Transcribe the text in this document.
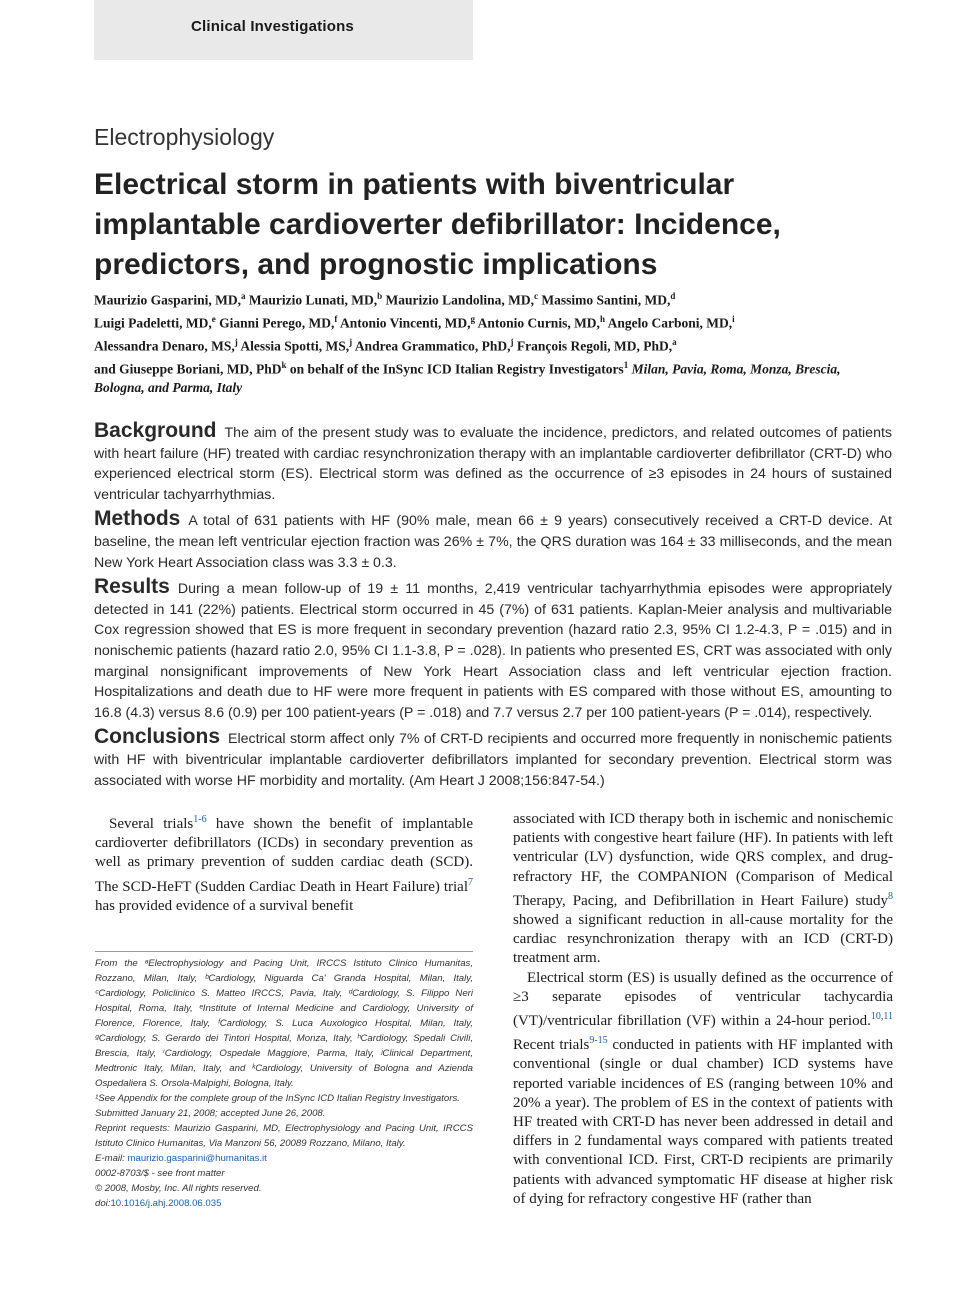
Clinical Investigations
Electrophysiology
Electrical storm in patients with biventricular implantable cardioverter defibrillator: Incidence, predictors, and prognostic implications
Maurizio Gasparini, MD,$^a$ Maurizio Lunati, MD,$^b$ Maurizio Landolina, MD,$^c$ Massimo Santini, MD,$^d$
Luigi Padeletti, MD,$^e$ Gianni Perego, MD,$^f$ Antonio Vincenti, MD,$^g$ Antonio Curnis, MD,$^h$ Angelo Carboni, MD,$^i$
Alessandra Denaro, MS,$^j$ Alessia Spotti, MS,$^j$ Andrea Grammatico, PhD,$^j$ François Regoli, MD, PhD,$^a$
and Giuseppe Boriani, MD, PhD$^k$ on behalf of the InSync ICD Italian Registry Investigators$^1$ Milan, Pavia, Roma, Monza, Brescia, Bologna, and Parma, Italy

Background The aim of the present study was to evaluate the incidence, predictors, and related outcomes of patients with heart failure (HF) treated with cardiac resynchronization therapy with an implantable cardioverter defibrillator (CRT-D) who experienced electrical storm (ES). Electrical storm was defined as the occurrence of ≥3 episodes in 24 hours of sustained ventricular tachyarrhythmias.

Methods A total of 631 patients with HF (90% male, mean 66 ± 9 years) consecutively received a CRT-D device. At baseline, the mean left ventricular ejection fraction was 26% ± 7%, the QRS duration was 164 ± 33 milliseconds, and the mean New York Heart Association class was 3.3 ± 0.3.

Results During a mean follow-up of 19 ± 11 months, 2,419 ventricular tachyarrhythmia episodes were appropriately detected in 141 (22%) patients. Electrical storm occurred in 45 (7%) of 631 patients. Kaplan-Meier analysis and multivariable Cox regression showed that ES is more frequent in secondary prevention (hazard ratio 2.3, 95% CI 1.2-4.3, P = .015) and in nonischemic patients (hazard ratio 2.0, 95% CI 1.1-3.8, P = .028). In patients who presented ES, CRT was associated with only marginal nonsignificant improvements of New York Heart Association class and left ventricular ejection fraction. Hospitalizations and death due to HF were more frequent in patients with ES compared with those without ES, amounting to 16.8 (4.3) versus 8.6 (0.9) per 100 patient-years (P = .018) and 7.7 versus 2.7 per 100 patient-years (P = .014), respectively.

Conclusions Electrical storm affect only 7% of CRT-D recipients and occurred more frequently in nonischemic patients with HF with biventricular implantable cardioverter defibrillators implanted for secondary prevention. Electrical storm was associated with worse HF morbidity and mortality. (Am Heart J 2008;156:847-54.)

Several trials$^{1-6}$ have shown the benefit of implantable cardioverter defibrillators (ICDs) in secondary prevention as well as primary prevention of sudden cardiac death (SCD). The SCD-HeFT (Sudden Cardiac Death in Heart Failure) trial$^7$ has provided evidence of a survival benefit

From the ᵃElectrophysiology and Pacing Unit, IRCCS Istituto Clinico Humanitas, Rozzano, Milan, Italy, ᵇCardiology, Niguarda Ca' Granda Hospital, Milan, Italy, ᶜCardiology, Policlinico S. Matteo IRCCS, Pavia, Italy, ᵈCardiology, S. Filippo Neri Hospital, Roma, Italy, ᵉInstitute of Internal Medicine and Cardiology, University of Florence, Florence, Italy, ᶠCardiology, S. Luca Auxologico Hospital, Milan, Italy, ᵍCardiology, S. Gerardo dei Tintori Hospital, Monza, Italy, ʰCardiology, Spedali Civili, Brescia, Italy, ⁱCardiology, Ospedale Maggiore, Parma, Italy, ʲClinical Department, Medtronic Italy, Milan, Italy, and ᵏCardiology, University of Bologna and Azienda Ospedaliera S. Orsola-Malpighi, Bologna, Italy.

¹See Appendix for the complete group of the InSync ICD Italian Registry Investigators.

Submitted January 21, 2008; accepted June 26, 2008.

Reprint requests: Maurizio Gasparini, MD, Electrophysiology and Pacing Unit, IRCCS Istituto Clinico Humanitas, Via Manzoni 56, 20089 Rozzano, Milano, Italy.

E-mail: maurizio.gasparini@humanitas.it

0002-8703/$ - see front matter

© 2008, Mosby, Inc. All rights reserved.

doi:10.1016/j.ahj.2008.06.035

associated with ICD therapy both in ischemic and nonischemic patients with congestive heart failure (HF). In patients with left ventricular (LV) dysfunction, wide QRS complex, and drug-refractory HF, the COMPANION (Comparison of Medical Therapy, Pacing, and Defibrillation in Heart Failure) study$^8$ showed a significant reduction in all-cause mortality for the cardiac resynchronization therapy with an ICD (CRT-D) treatment arm.

Electrical storm (ES) is usually defined as the occurrence of ≥3 separate episodes of ventricular tachycardia (VT)/ventricular fibrillation (VF) within a 24-hour period.$^{10,11}$ Recent trials$^{9-15}$ conducted in patients with HF implanted with conventional (single or dual chamber) ICD systems have reported variable incidences of ES (ranging between 10% and 20% a year). The problem of ES in the context of patients with HF treated with CRT-D has never been addressed in detail and differs in 2 fundamental ways compared with patients treated with conventional ICD. First, CRT-D recipients are primarily patients with advanced symptomatic HF disease at higher risk of dying for refractory congestive HF (rather than
